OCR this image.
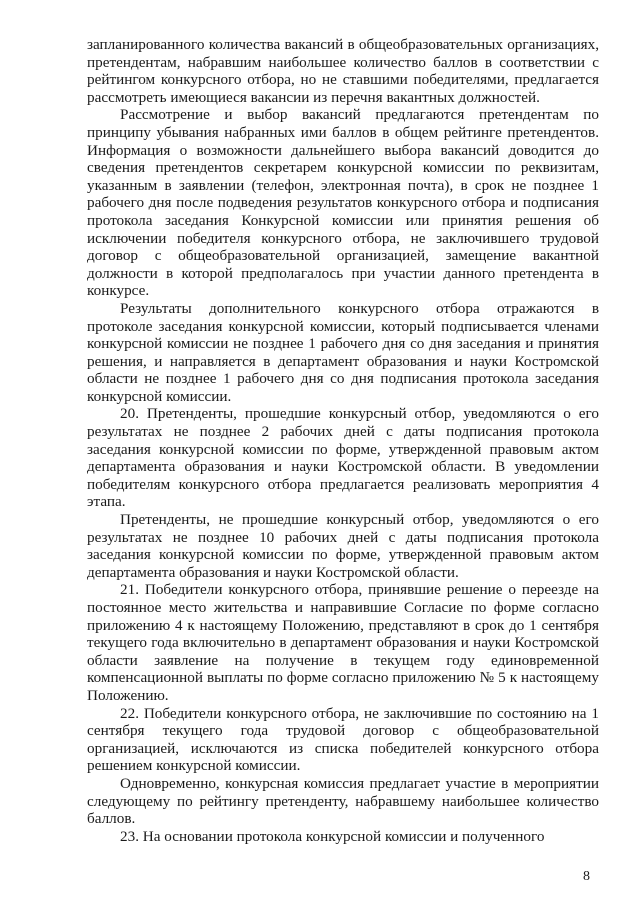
запланированного количества вакансий в общеобразовательных организациях, претендентам, набравшим наибольшее количество баллов в соответствии с рейтингом конкурсного отбора, но не ставшими победителями, предлагается рассмотреть имеющиеся вакансии из перечня вакантных должностей.

Рассмотрение и выбор вакансий предлагаются претендентам по принципу убывания набранных ими баллов в общем рейтинге претендентов. Информация о возможности дальнейшего выбора вакансий доводится до сведения претендентов секретарем конкурсной комиссии по реквизитам, указанным в заявлении (телефон, электронная почта), в срок не позднее 1 рабочего дня после подведения результатов конкурсного отбора и подписания протокола заседания Конкурсной комиссии или принятия решения об исключении победителя конкурсного отбора, не заключившего трудовой договор с общеобразовательной организацией, замещение вакантной должности в которой предполагалось при участии данного претендента в конкурсе.

Результаты дополнительного конкурсного отбора отражаются в протоколе заседания конкурсной комиссии, который подписывается членами конкурсной комиссии не позднее 1 рабочего дня со дня заседания и принятия решения, и направляется в департамент образования и науки Костромской области не позднее 1 рабочего дня со дня подписания протокола заседания конкурсной комиссии.

20. Претенденты, прошедшие конкурсный отбор, уведомляются о его результатах не позднее 2 рабочих дней с даты подписания протокола заседания конкурсной комиссии по форме, утвержденной правовым актом департамента образования и науки Костромской области. В уведомлении победителям конкурсного отбора предлагается реализовать мероприятия 4 этапа.

Претенденты, не прошедшие конкурсный отбор, уведомляются о его результатах не позднее 10 рабочих дней с даты подписания протокола заседания конкурсной комиссии по форме, утвержденной правовым актом департамента образования и науки Костромской области.

21. Победители конкурсного отбора, принявшие решение о переезде на постоянное место жительства и направившие Согласие по форме согласно приложению 4 к настоящему Положению, представляют в срок до 1 сентября текущего года включительно в департамент образования и науки Костромской области заявление на получение в текущем году единовременной компенсационной выплаты по форме согласно приложению № 5 к настоящему Положению.

22. Победители конкурсного отбора, не заключившие по состоянию на 1 сентября текущего года трудовой договор с общеобразовательной организацией, исключаются из списка победителей конкурсного отбора решением конкурсной комиссии.

Одновременно, конкурсная комиссия предлагает участие в мероприятии следующему по рейтингу претенденту, набравшему наибольшее количество баллов.

23. На основании протокола конкурсной комиссии и полученного

8
